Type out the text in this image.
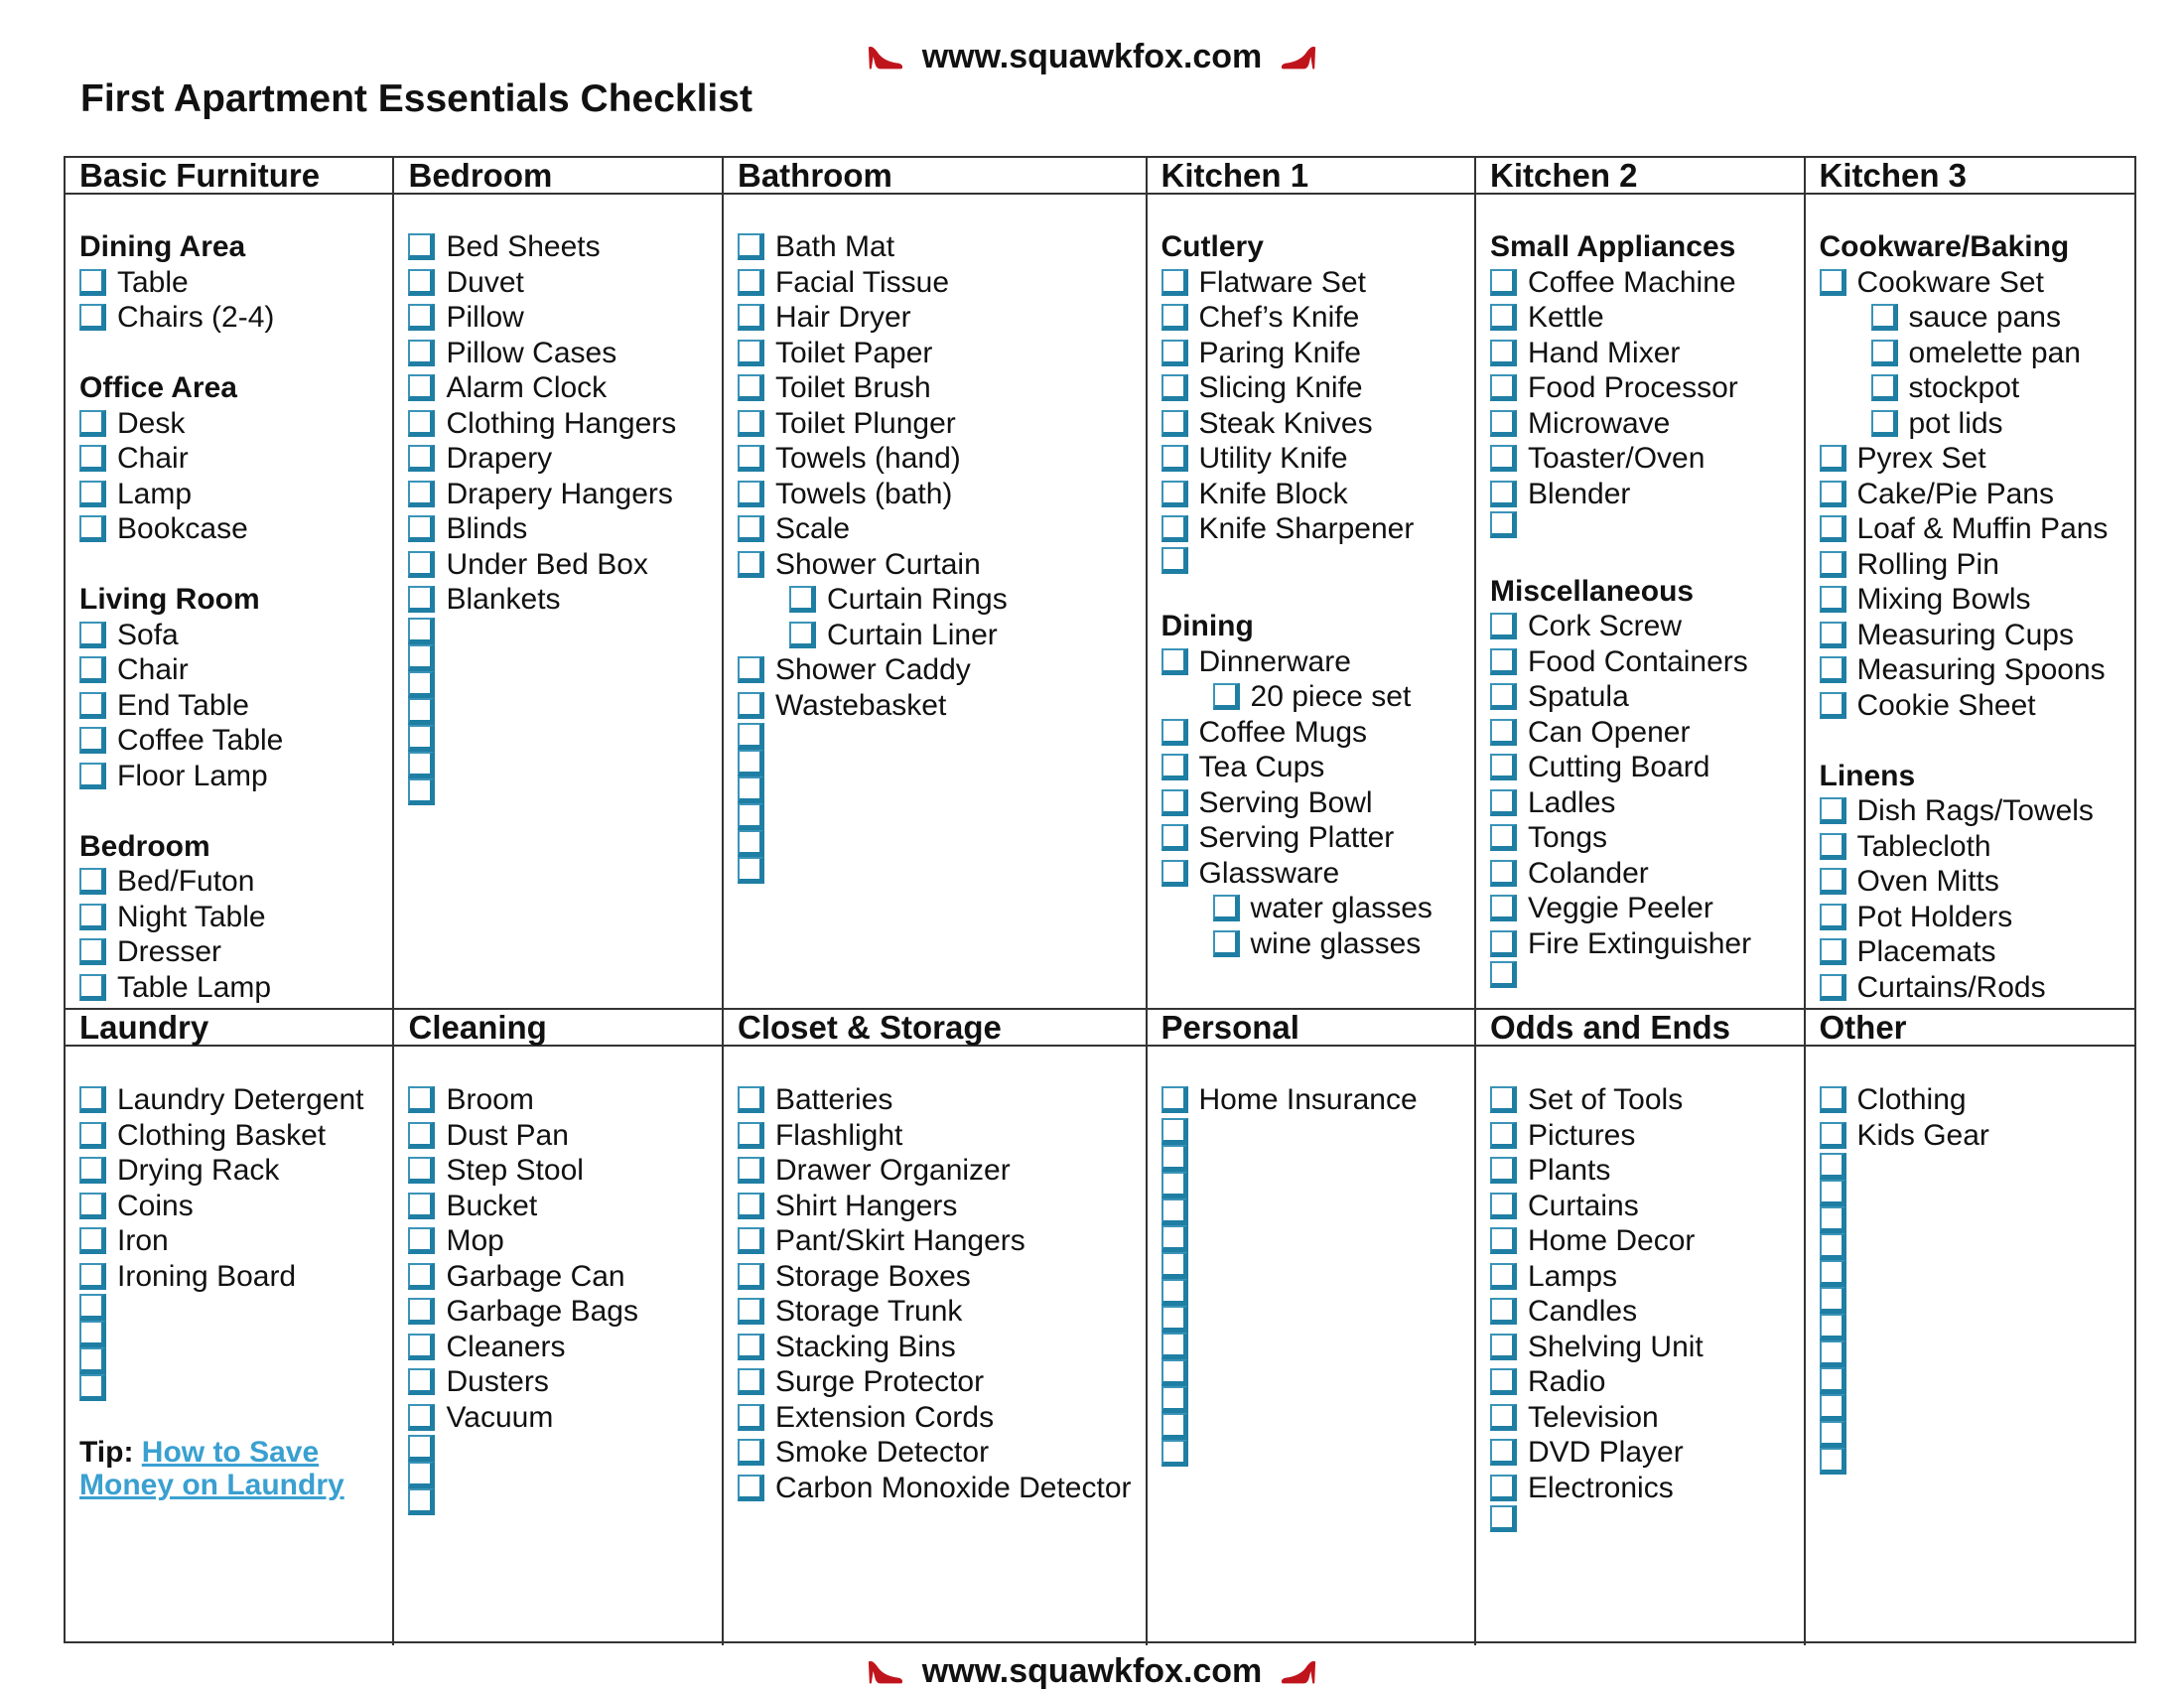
www.squawkfox.com
First Apartment Essentials Checklist
Basic Furniture
Dining Area
Table
Chairs (2-4)
Office Area
Desk
Chair
Lamp
Bookcase
Living Room
Sofa
Chair
End Table
Coffee Table
Floor Lamp
Bedroom
Bed/Futon
Night Table
Dresser
Table Lamp
Bedroom
Bed Sheets
Duvet
Pillow
Pillow Cases
Alarm Clock
Clothing Hangers
Drapery
Drapery Hangers
Blinds
Under Bed Box
Blankets
Bathroom
Bath Mat
Facial Tissue
Hair Dryer
Toilet Paper
Toilet Brush
Toilet Plunger
Towels (hand)
Towels (bath)
Scale
Shower Curtain
Curtain Rings
Curtain Liner
Shower Caddy
Wastebasket
Kitchen 1
Cutlery
Flatware Set
Chef’s Knife
Paring Knife
Slicing Knife
Steak Knives
Utility Knife
Knife Block
Knife Sharpener
Dining
Dinnerware
20 piece set
Coffee Mugs
Tea Cups
Serving Bowl
Serving Platter
Glassware
water glasses
wine glasses
Kitchen 2
Small Appliances
Coffee Machine
Kettle
Hand Mixer
Food Processor
Microwave
Toaster/Oven
Blender
Miscellaneous
Cork Screw
Food Containers
Spatula
Can Opener
Cutting Board
Ladles
Tongs
Colander
Veggie Peeler
Fire Extinguisher
Kitchen 3
Cookware/Baking
Cookware Set
sauce pans
omelette pan
stockpot
pot lids
Pyrex Set
Cake/Pie Pans
Loaf & Muffin Pans
Rolling Pin
Mixing Bowls
Measuring Cups
Measuring Spoons
Cookie Sheet
Linens
Dish Rags/Towels
Tablecloth
Oven Mitts
Pot Holders
Placemats
Curtains/Rods
Laundry
Laundry Detergent
Clothing Basket
Drying Rack
Coins
Iron
Ironing Board
Tip: How to Save
Money on Laundry
Cleaning
Broom
Dust Pan
Step Stool
Bucket
Mop
Garbage Can
Garbage Bags
Cleaners
Dusters
Vacuum
Closet & Storage
Batteries
Flashlight
Drawer Organizer
Shirt Hangers
Pant/Skirt Hangers
Storage Boxes
Storage Trunk
Stacking Bins
Surge Protector
Extension Cords
Smoke Detector
Carbon Monoxide Detector
Personal
Home Insurance
Odds and Ends
Set of Tools
Pictures
Plants
Curtains
Home Decor
Lamps
Candles
Shelving Unit
Radio
Television
DVD Player
Electronics
Other
Clothing
Kids Gear
www.squawkfox.com
